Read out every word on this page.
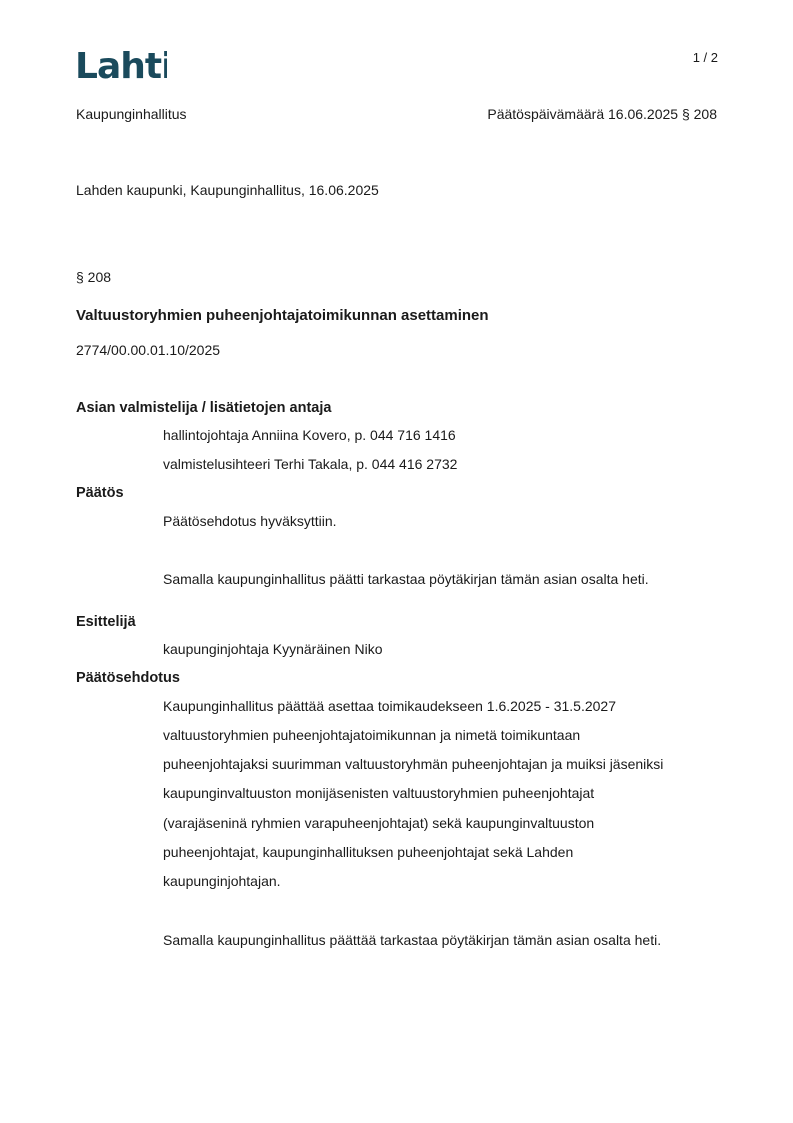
Lahti	1 / 2
Kaupunginhallitus	Päätöspäivämäärä 16.06.2025 § 208
Lahden kaupunki, Kaupunginhallitus, 16.06.2025
§ 208
Valtuustoryhmien puheenjohtajatoimikunnan asettaminen
2774/00.00.01.10/2025
Asian valmistelija / lisätietojen antaja
hallintojohtaja Anniina Kovero, p. 044 716 1416
valmistelusihteeri Terhi Takala, p. 044 416 2732
Päätös
Päätösehdotus hyväksyttiin.
Samalla kaupunginhallitus päätti tarkastaa pöytäkirjan tämän asian osalta heti.
Esittelijä
kaupunginjohtaja Kyynäräinen Niko
Päätösehdotus
Kaupunginhallitus päättää asettaa toimikaudekseen 1.6.2025 - 31.5.2027
valtuustoryhmien puheenjohtajatoimikunnan ja nimetä toimikuntaan
puheenjohtajaksi suurimman valtuustoryhmän puheenjohtajan ja muiksi jäseniksi
kaupunginvaltuuston monijäsenisten valtuustoryhmien puheenjohtajat
(varajäseninä ryhmien varapuheenjohtajat) sekä kaupunginvaltuuston
puheenjohtajat, kaupunginhallituksen puheenjohtajat sekä Lahden
kaupunginjohtajan.
Samalla kaupunginhallitus päättää tarkastaa pöytäkirjan tämän asian osalta heti.
